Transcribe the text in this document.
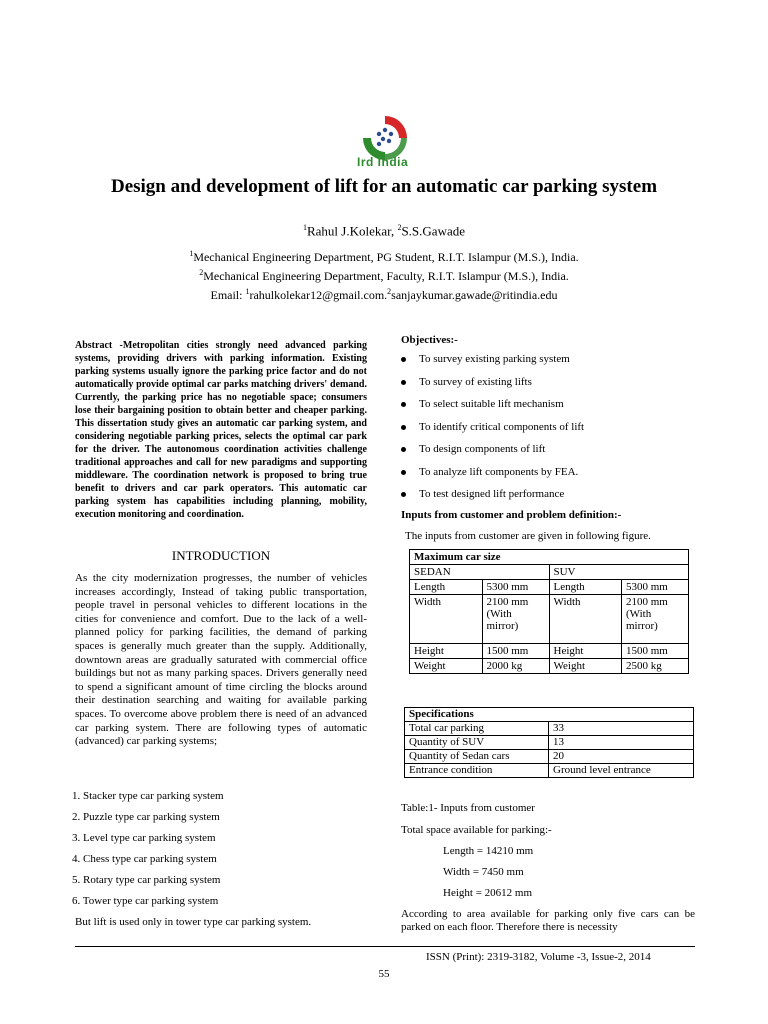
Ird India
Design and development of lift for an automatic car parking system
$^1$Rahul J.Kolekar, $^2$S.S.Gawade
$^1$Mechanical Engineering Department, PG Student, R.I.T. Islampur (M.S.), India.
$^2$Mechanical Engineering Department, Faculty, R.I.T. Islampur (M.S.), India.
Email: $^1$rahulkolekar12@gmail.com.$^2$sanjaykumar.gawade@ritindia.edu
Abstract -Metropolitan cities strongly need advanced parking systems, providing drivers with parking information. Existing parking systems usually ignore the parking price factor and do not automatically provide optimal car parks matching drivers' demand. Currently, the parking price has no negotiable space; consumers lose their bargaining position to obtain better and cheaper parking. This dissertation study gives an automatic car parking system, and considering negotiable parking prices, selects the optimal car park for the driver. The autonomous coordination activities challenge traditional approaches and call for new paradigms and supporting middleware. The coordination network is proposed to bring true benefit to drivers and car park operators. This automatic car parking system has capabilities including planning, mobility, execution monitoring and coordination.
INTRODUCTION
As the city modernization progresses, the number of vehicles increases accordingly, Instead of taking public transportation, people travel in personal vehicles to different locations in the cities for convenience and comfort. Due to the lack of a well-planned policy for parking facilities, the demand of parking spaces is generally much greater than the supply. Additionally, downtown areas are gradually saturated with commercial office buildings but not as many parking spaces. Drivers generally need to spend a significant amount of time circling the blocks around their destination searching and waiting for available parking spaces. To overcome above problem there is need of an advanced car parking system. There are following types of automatic (advanced) car parking systems;
1. Stacker type car parking system
2. Puzzle type car parking system
3. Level type car parking system
4. Chess type car parking system
5. Rotary type car parking system
6. Tower type car parking system
But lift is used only in tower type car parking system.
Objectives:-
To survey existing parking system
To survey of existing lifts
To select suitable lift mechanism
To identify critical components of lift
To design components of lift
To analyze lift components by FEA.
To test designed lift performance
Inputs from customer and problem definition:-
The inputs from customer are given in following figure.
Maximum car size			
SEDAN		SUV	
Length	5300 mm	Length	5300 mm
Width	2100 mm (With mirror)	Width	2100 mm (With mirror)
Height	1500 mm	Height	1500 mm
Weight	2000 kg	Weight	2500 kg
Specifications	
Total car parking	33
Quantity of SUV	13
Quantity of Sedan cars	20
Entrance condition	Ground level entrance
Table:1- Inputs from customer
Total space available for parking:-
Length = 14210 mm
Width = 7450 mm
Height = 20612 mm
According to area available for parking only five cars can be parked on each floor. Therefore there is necessity
ISSN (Print): 2319-3182, Volume -3, Issue-2, 2014
55
